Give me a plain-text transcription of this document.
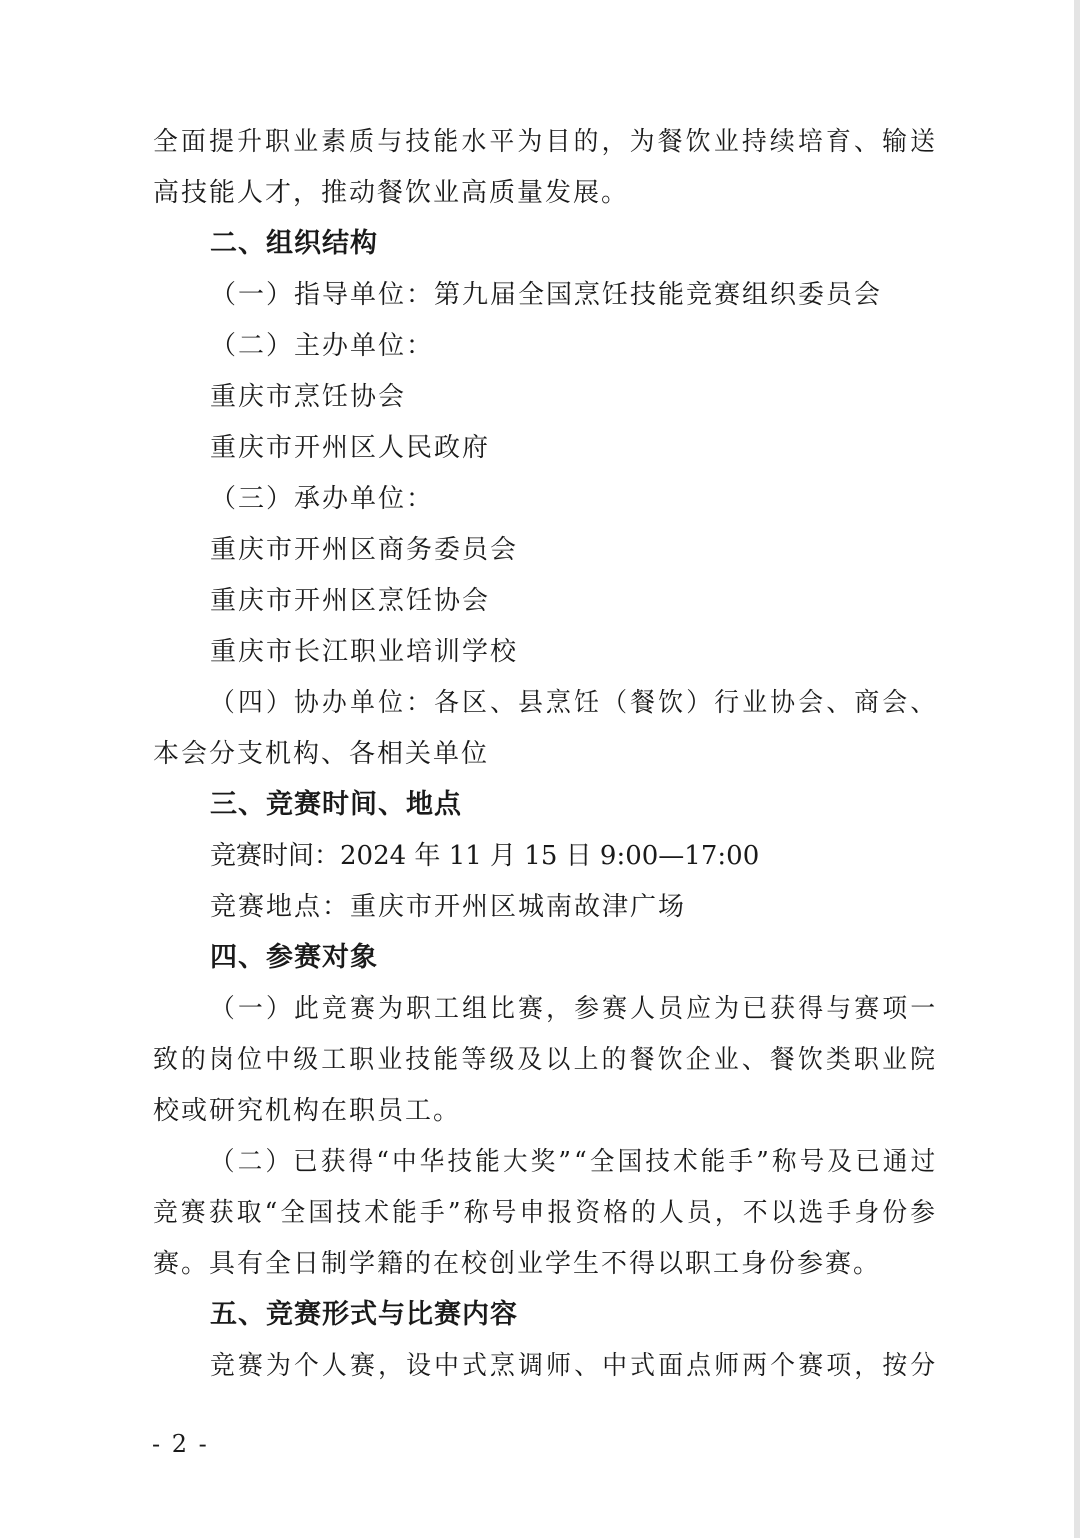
全面提升职业素质与技能水平为目的，为餐饮业持续培育、输送
高技能人才，推动餐饮业高质量发展。
二、组织结构
（一）指导单位：第九届全国烹饪技能竞赛组织委员会
（二）主办单位：
重庆市烹饪协会
重庆市开州区人民政府
（三）承办单位：
重庆市开州区商务委员会
重庆市开州区烹饪协会
重庆市长江职业培训学校
（四）协办单位：各区、县烹饪（餐饮）行业协会、商会、
本会分支机构、各相关单位
三、竞赛时间、地点
竞赛时间：2024 年 11 月 15 日 9:00—17:00
竞赛地点：重庆市开州区城南故津广场
四、参赛对象
（一）此竞赛为职工组比赛，参赛人员应为已获得与赛项一
致的岗位中级工职业技能等级及以上的餐饮企业、餐饮类职业院
校或研究机构在职员工。
（二）已获得“中华技能大奖”“全国技术能手”称号及已通过
竞赛获取“全国技术能手”称号申报资格的人员，不以选手身份参
赛。具有全日制学籍的在校创业学生不得以职工身份参赛。
五、竞赛形式与比赛内容
竞赛为个人赛，设中式烹调师、中式面点师两个赛项，按分
- 2 -
